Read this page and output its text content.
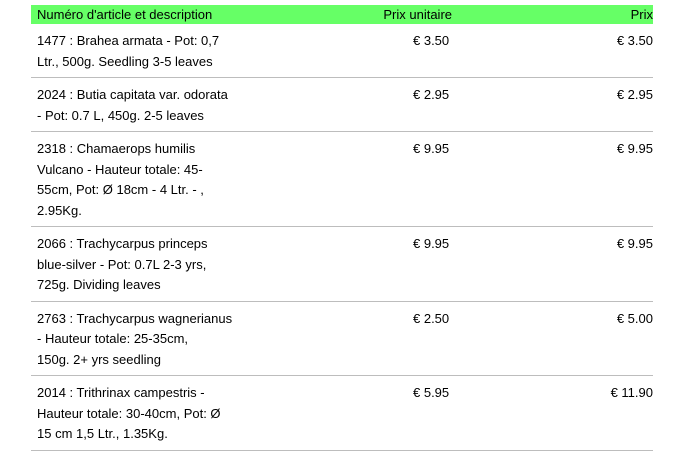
Numéro d'article et description	Prix unitaire	Prix
1477 : Brahea armata - Pot: 0,7
Ltr., 500g. Seedling 3-5 leaves
€ 3.50	€ 3.50
2024 : Butia capitata var. odorata
- Pot: 0.7 L, 450g. 2-5 leaves
€ 2.95	€ 2.95
2318 : Chamaerops humilis
Vulcano - Hauteur totale: 45-
55cm, Pot: Ø 18cm - 4 Ltr. - ,
2.95Kg.
€ 9.95	€ 9.95
2066 : Trachycarpus princeps
blue-silver - Pot: 0.7L 2-3 yrs,
725g. Dividing leaves
€ 9.95	€ 9.95
2763 : Trachycarpus wagnerianus
- Hauteur totale: 25-35cm,
150g. 2+ yrs seedling
€ 2.50	€ 5.00
2014 : Trithrinax campestris -
Hauteur totale: 30-40cm, Pot: Ø
15 cm 1,5 Ltr., 1.35Kg.
€ 5.95	€ 11.90
